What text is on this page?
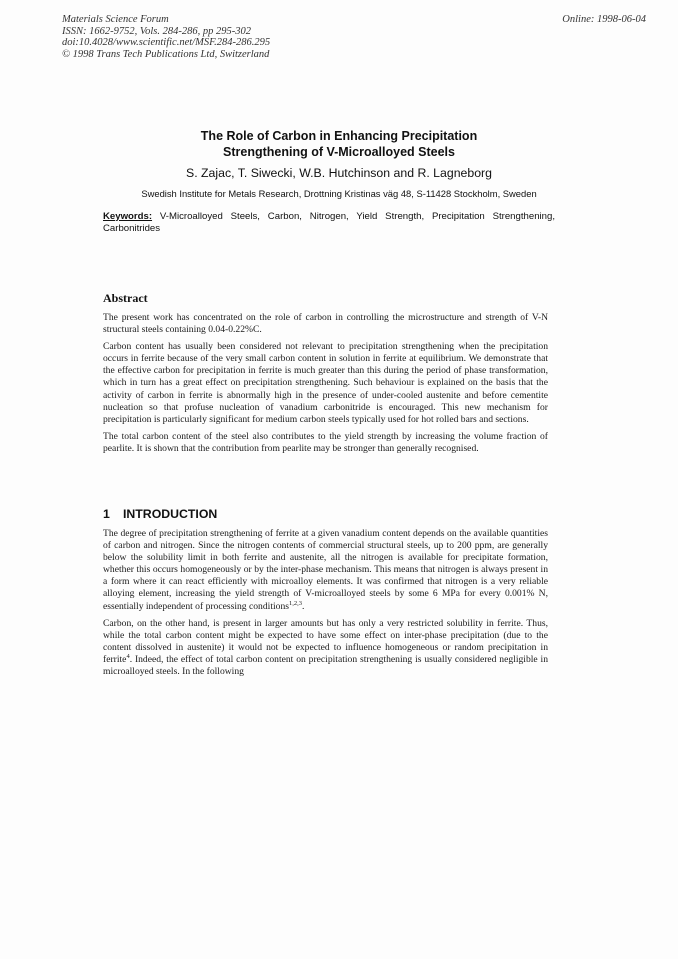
Materials Science Forum
ISSN: 1662-9752, Vols. 284-286, pp 295-302
doi:10.4028/www.scientific.net/MSF.284-286.295
© 1998 Trans Tech Publications Ltd, Switzerland
Online: 1998-06-04
The Role of Carbon in Enhancing Precipitation
Strengthening of V-Microalloyed Steels
S. Zajac, T. Siwecki, W.B. Hutchinson and R. Lagneborg
Swedish Institute for Metals Research, Drottning Kristinas väg 48, S-11428 Stockholm, Sweden
Keywords: V-Microalloyed Steels, Carbon, Nitrogen, Yield Strength, Precipitation Strengthening, Carbonitrides
Abstract

The present work has concentrated on the role of carbon in controlling the microstructure and strength of V-N structural steels containing 0.04-0.22%C.

Carbon content has usually been considered not relevant to precipitation strengthening when the precipitation occurs in ferrite because of the very small carbon content in solution in ferrite at equilibrium. We demonstrate that the effective carbon for precipitation in ferrite is much greater than this during the period of phase transformation, which in turn has a great effect on precipitation strengthening. Such behaviour is explained on the basis that the activity of carbon in ferrite is abnormally high in the presence of under-cooled austenite and before cementite nucleation so that profuse nucleation of vanadium carbonitride is encouraged. This new mechanism for precipitation is particularly significant for medium carbon steels typically used for hot rolled bars and sections.

The total carbon content of the steel also contributes to the yield strength by increasing the volume fraction of pearlite. It is shown that the contribution from pearlite may be stronger than generally recognised.

1 INTRODUCTION

The degree of precipitation strengthening of ferrite at a given vanadium content depends on the available quantities of carbon and nitrogen. Since the nitrogen contents of commercial structural steels, up to 200 ppm, are generally below the solubility limit in both ferrite and austenite, all the nitrogen is available for precipitate formation, whether this occurs homogeneously or by the inter-phase mechanism. This means that nitrogen is always present in a form where it can react efficiently with microalloy elements. It was confirmed that nitrogen is a very reliable alloying element, increasing the yield strength of V-microalloyed steels by some 6 MPa for every 0.001% N, essentially independent of processing conditions$^{1,2,3}$.

Carbon, on the other hand, is present in larger amounts but has only a very restricted solubility in ferrite. Thus, while the total carbon content might be expected to have some effect on inter-phase precipitation (due to the content dissolved in austenite) it would not be expected to influence homogeneous or random precipitation in ferrite$^4$. Indeed, the effect of total carbon content on precipitation strengthening is usually considered negligible in microalloyed steels. In the following
